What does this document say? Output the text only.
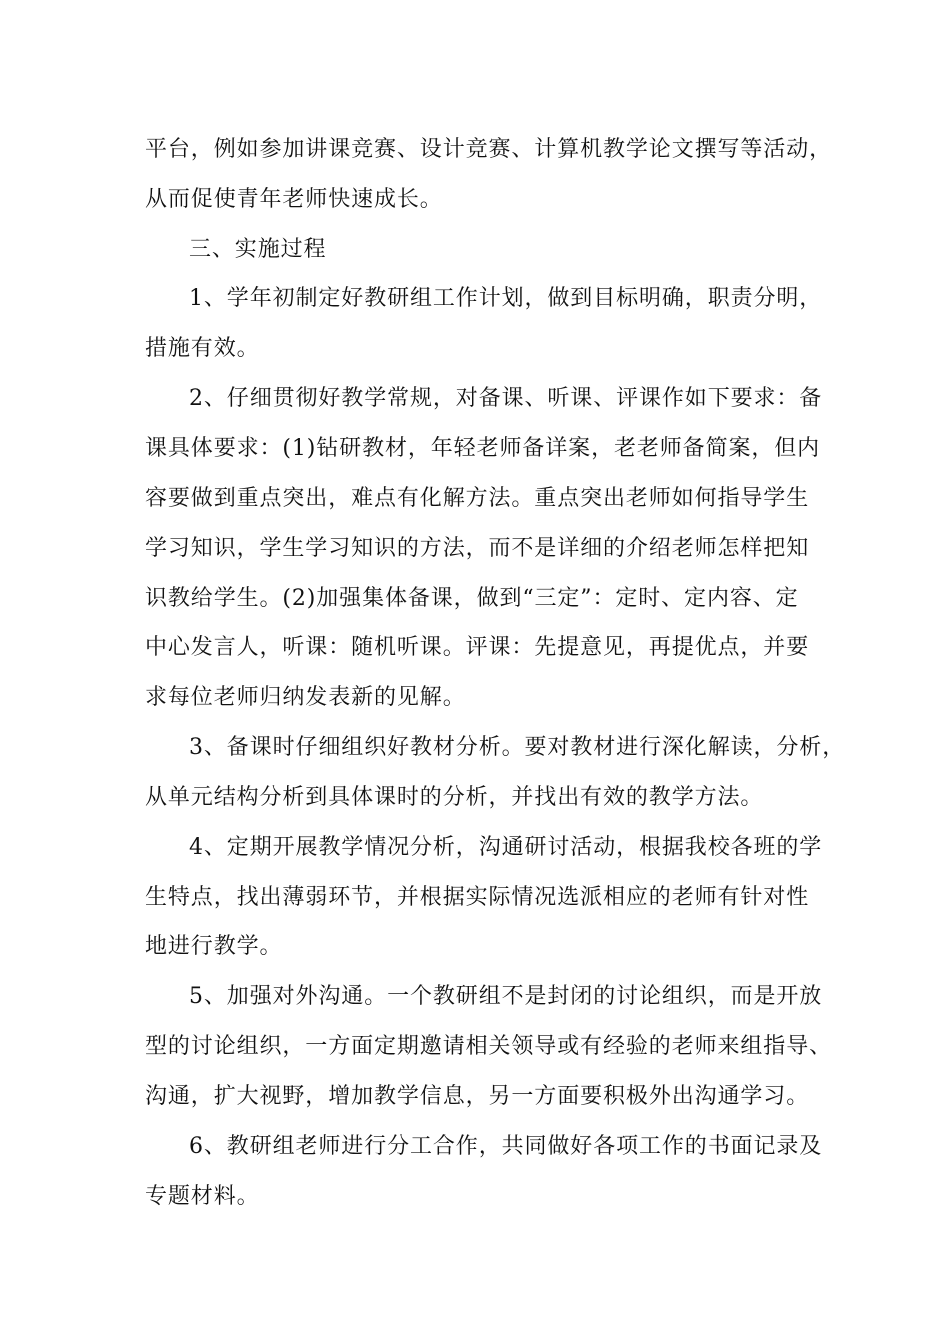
平台，例如参加讲课竞赛、设计竞赛、计算机教学论文撰写等活动，
从而促使青年老师快速成长。
三、实施过程
1、学年初制定好教研组工作计划，做到目标明确，职责分明，
措施有效。
2、仔细贯彻好教学常规，对备课、听课、评课作如下要求：备
课具体要求：(1)钻研教材，年轻老师备详案，老老师备简案，但内
容要做到重点突出，难点有化解方法。重点突出老师如何指导学生
学习知识，学生学习知识的方法，而不是详细的介绍老师怎样把知
识教给学生。(2)加强集体备课，做到“三定”：定时、定内容、定
中心发言人，听课：随机听课。评课：先提意见，再提优点，并要
求每位老师归纳发表新的见解。
3、备课时仔细组织好教材分析。要对教材进行深化解读，分析，
从单元结构分析到具体课时的分析，并找出有效的教学方法。
4、定期开展教学情况分析，沟通研讨活动，根据我校各班的学
生特点，找出薄弱环节，并根据实际情况选派相应的老师有针对性
地进行教学。
5、加强对外沟通。一个教研组不是封闭的讨论组织，而是开放
型的讨论组织，一方面定期邀请相关领导或有经验的老师来组指导、
沟通，扩大视野，增加教学信息，另一方面要积极外出沟通学习。
6、教研组老师进行分工合作，共同做好各项工作的书面记录及
专题材料。
